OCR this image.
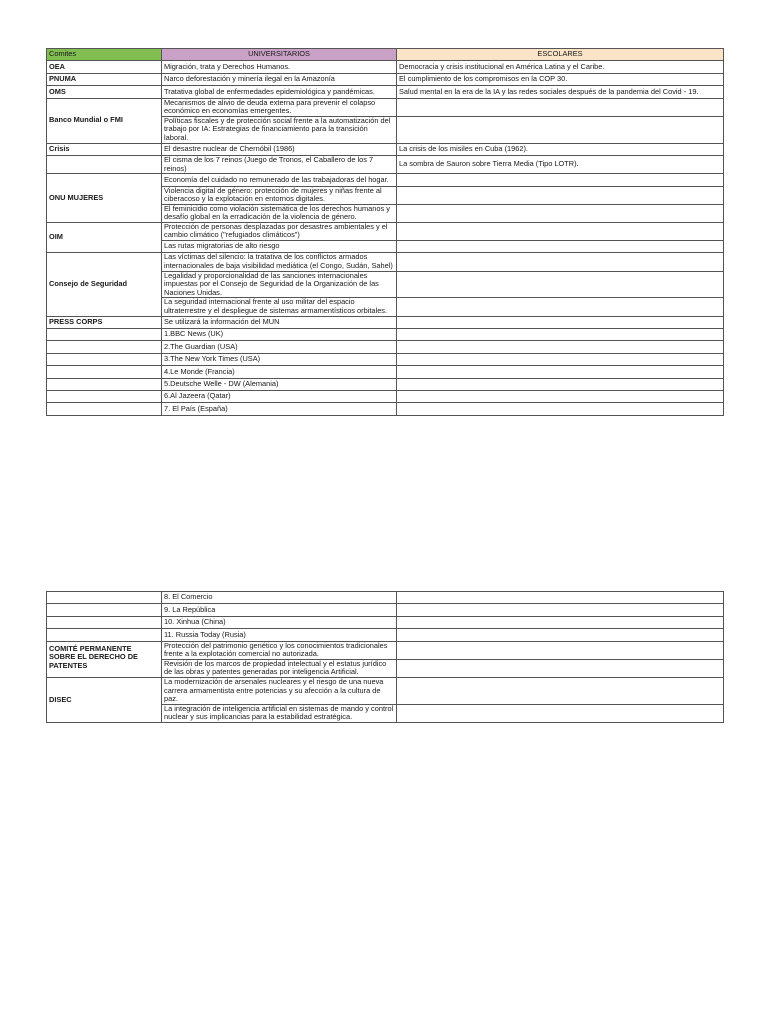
Comites	UNIVERSITARIOS	ESCOLARES
OEA	Migración, trata y Derechos Humanos.	Democracia y crisis institucional en América Latina y el Caribe.
PNUMA	Narco deforestación y minería ilegal en la Amazonía	El cumplimiento de los compromisos en la COP 30.
OMS	Tratativa global de enfermedades epidemiológica y pandémicas.	Salud mental en la era de la IA y las redes sociales después de la pandemia del Covid - 19.
Banco Mundial o FMI	Mecanismos de alivio de deuda externa para prevenir el colapso económico en economías emergentes.	
	Políticas fiscales y de protección social frente a la automatización del trabajo por IA: Estrategias de financiamiento para la transición laboral.	
Crisis	El desastre nuclear de Chernóbil (1986)	La crisis de los misiles en Cuba (1962).
	El cisma de los 7 reinos (Juego de Tronos, el Caballero de los 7 reinos)	La sombra de Sauron sobre Tierra Media (Tipo LOTR).
ONU MUJERES	Economía del cuidado no remunerado de las trabajadoras del hogar.	
	Violencia digital de género: protección de mujeres y niñas frente al ciberacoso y la explotación en entornos digitales.	
	El feminicidio como violación sistemática de los derechos humanos y desafío global en la erradicación de la violencia de género.	
OIM	Protección de personas desplazadas por desastres ambientales y el cambio climático ("refugiados climáticos")	
	Las rutas migratorias de alto riesgo	
Consejo de Seguridad	Las víctimas del silencio: la tratativa de los conflictos armados internacionales de baja visibilidad mediática (el Congo, Sudán, Sahel)	
	Legalidad y proporcionalidad de las sanciones internacionales impuestas por el Consejo de Seguridad de la Organización de las Naciones Unidas.	
	La seguridad internacional frente al uso militar del espacio ultraterrestre y el despliegue de sistemas armamentísticos orbitales.	
PRESS CORPS	Se utilizará la información del MUN	
	1.BBC News (UK)	
	2.The Guardian (USA)	
	3.The New York Times (USA)	
	4.Le Monde (Francia)	
	5.Deutsche Welle - DW (Alemania)	
	6.Al Jazeera (Qatar)	
	7. El País (España)	
	8. El Comercio	
	9. La República	
	10. Xinhua (China)	
	11. Russia Today (Rusia)	
COMITÉ PERMANENTE SOBRE EL DERECHO DE PATENTES	Protección del patrimonio genético y los conocimientos tradicionales frente a la explotación comercial no autorizada.	
	Revisión de los marcos de propiedad intelectual y el estatus jurídico de las obras y patentes generadas por inteligencia Artificial.	
DISEC	La modernización de arsenales nucleares y el riesgo de una nueva carrera armamentista entre potencias y su afección a la cultura de paz.	
	La integración de inteligencia artificial en sistemas de mando y control nuclear y sus implicancias para la estabilidad estratégica.	
